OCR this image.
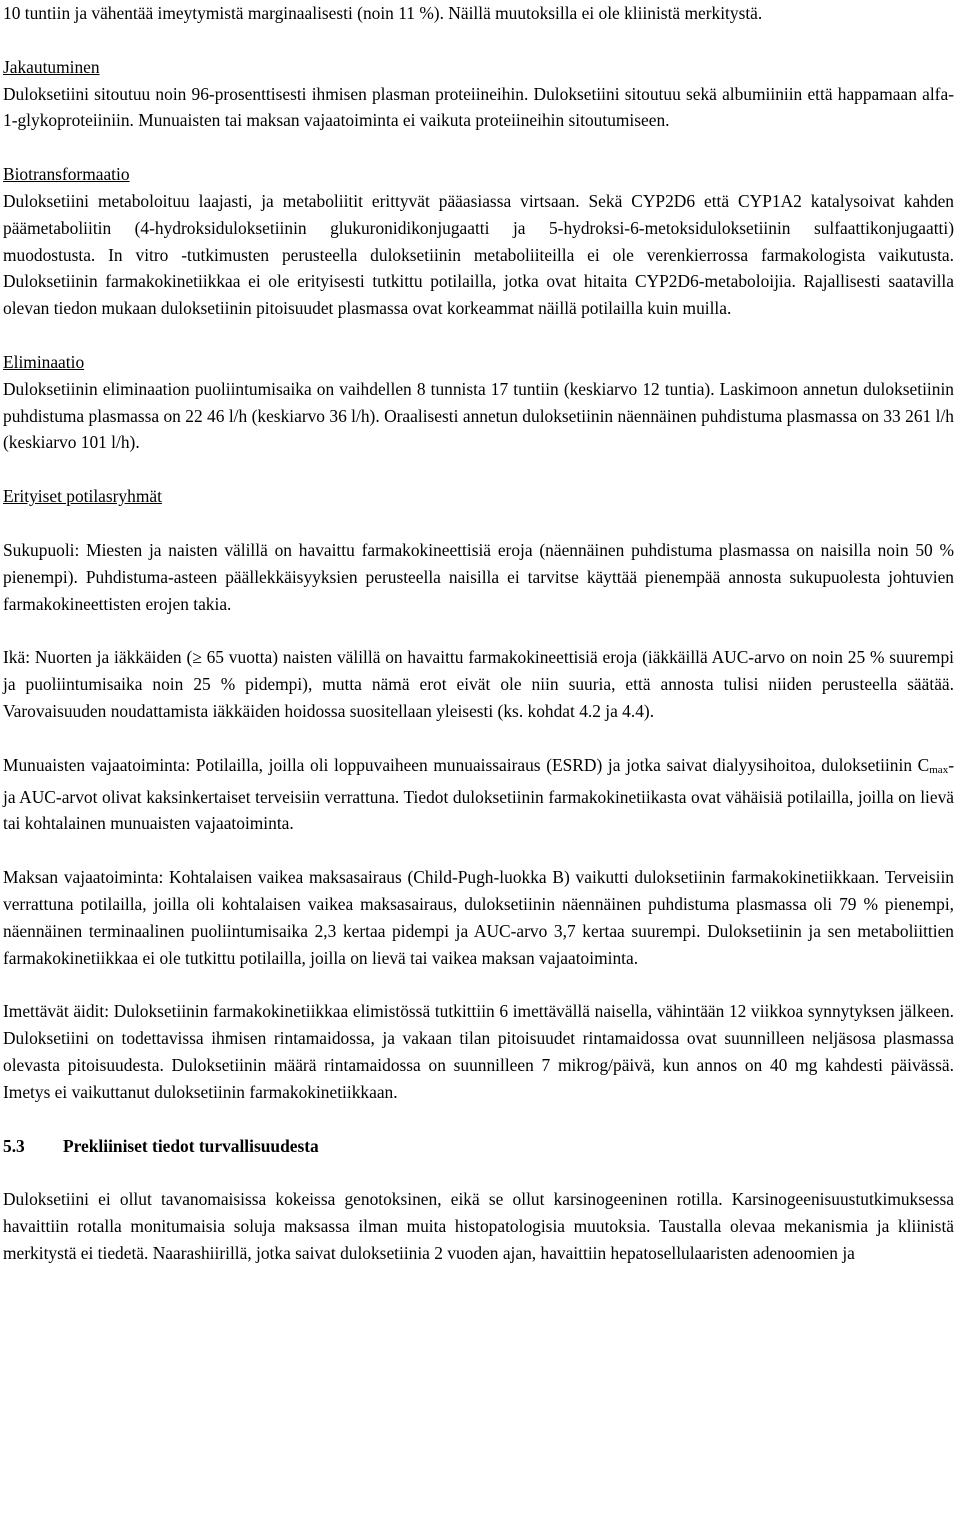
10 tuntiin ja vähentää imeytymistä marginaalisesti (noin 11 %). Näillä muutoksilla ei ole kliinistä merkitystä.

Jakautuminen

Duloksetiini sitoutuu noin 96-prosenttisesti ihmisen plasman proteiineihin. Duloksetiini sitoutuu sekä albumiiniin että happamaan alfa-1-glykoproteiiniin. Munuaisten tai maksan vajaatoiminta ei vaikuta proteiineihin sitoutumiseen.

Biotransformaatio

Duloksetiini metaboloituu laajasti, ja metaboliitit erittyvät pääasiassa virtsaan. Sekä CYP2D6 että CYP1A2 katalysoivat kahden päämetaboliitin (4-hydroksiduloksetiinin glukuronidikonjugaatti ja 5-hydroksi-6-metoksiduloksetiinin sulfaattikonjugaatti) muodostusta. In vitro -tutkimusten perusteella duloksetiinin metaboliiteilla ei ole verenkierrossa farmakologista vaikutusta. Duloksetiinin farmakokinetiikkaa ei ole erityisesti tutkittu potilailla, jotka ovat hitaita CYP2D6-metaboloijia. Rajallisesti saatavilla olevan tiedon mukaan duloksetiinin pitoisuudet plasmassa ovat korkeammat näillä potilailla kuin muilla.

Eliminaatio

Duloksetiinin eliminaation puoliintumisaika on vaihdellen 8 tunnista 17 tuntiin (keskiarvo 12 tuntia). Laskimoon annetun duloksetiinin puhdistuma plasmassa on 22 46 l/h (keskiarvo 36 l/h). Oraalisesti annetun duloksetiinin näennäinen puhdistuma plasmassa on 33 261 l/h (keskiarvo 101 l/h).

Erityiset potilasryhmät

Sukupuoli: Miesten ja naisten välillä on havaittu farmakokineettisiä eroja (näennäinen puhdistuma plasmassa on naisilla noin 50 % pienempi). Puhdistuma-asteen päällekkäisyyksien perusteella naisilla ei tarvitse käyttää pienempää annosta sukupuolesta johtuvien farmakokineettisten erojen takia.

Ikä: Nuorten ja iäkkäiden (≥ 65 vuotta) naisten välillä on havaittu farmakokineettisiä eroja (iäkkäillä AUC-arvo on noin 25 % suurempi ja puoliintumisaika noin 25 % pidempi), mutta nämä erot eivät ole niin suuria, että annosta tulisi niiden perusteella säätää. Varovaisuuden noudattamista iäkkäiden hoidossa suositellaan yleisesti (ks. kohdat 4.2 ja 4.4).

Munuaisten vajaatoiminta: Potilailla, joilla oli loppuvaiheen munuaissairaus (ESRD) ja jotka saivat dialyysihoitoa, duloksetiinin Cmax- ja AUC-arvot olivat kaksinkertaiset terveisiin verrattuna. Tiedot duloksetiinin farmakokinetiikasta ovat vähäisiä potilailla, joilla on lievä tai kohtalainen munuaisten vajaatoiminta.

Maksan vajaatoiminta: Kohtalaisen vaikea maksasairaus (Child-Pugh-luokka B) vaikutti duloksetiinin farmakokinetiikkaan. Terveisiin verrattuna potilailla, joilla oli kohtalaisen vaikea maksasairaus, duloksetiinin näennäinen puhdistuma plasmassa oli 79 % pienempi, näennäinen terminaalinen puoliintumisaika 2,3 kertaa pidempi ja AUC-arvo 3,7 kertaa suurempi. Duloksetiinin ja sen metaboliittien farmakokinetiikkaa ei ole tutkittu potilailla, joilla on lievä tai vaikea maksan vajaatoiminta.

Imettävät äidit: Duloksetiinin farmakokinetiikkaa elimistössä tutkittiin 6 imettävällä naisella, vähintään 12 viikkoa synnytyksen jälkeen. Duloksetiini on todettavissa ihmisen rintamaidossa, ja vakaan tilan pitoisuudet rintamaidossa ovat suunnilleen neljäsosa plasmassa olevasta pitoisuudesta. Duloksetiinin määrä rintamaidossa on suunnilleen 7 mikrog/päivä, kun annos on 40 mg kahdesti päivässä. Imetys ei vaikuttanut duloksetiinin farmakokinetiikkaan.

5.3	Prekliiniset tiedot turvallisuudesta

Duloksetiini ei ollut tavanomaisissa kokeissa genotoksinen, eikä se ollut karsinogeeninen rotilla. Karsinogeenisuustutkimuksessa havaittiin rotalla monitumaisia soluja maksassa ilman muita histopatologisia muutoksia. Taustalla olevaa mekanismia ja kliinistä merkitystä ei tiedetä. Naarashiirillä, jotka saivat duloksetiinia 2 vuoden ajan, havaittiin hepatosellulaaristen adenoomien ja
